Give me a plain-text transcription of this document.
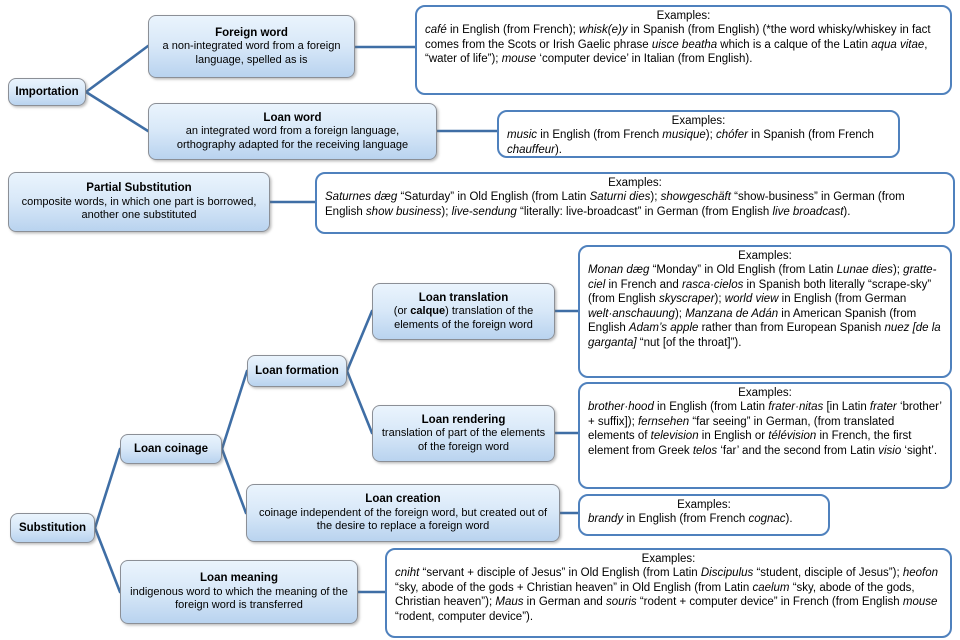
Importation
Foreign word
a non-integrated word from a foreign language, spelled as is
Examples:
café in English (from French); whisk(e)y in Spanish (from English) (*the word whisky/whiskey in fact comes from the Scots or Irish Gaelic phrase uisce beatha which is a calque of the Latin aqua vitae, “water of life”); mouse ‘computer device’ in Italian (from English).
Loan word
an integrated word from a foreign language, orthography adapted for the receiving language
Examples:
music in English (from French musique); chófer in Spanish (from French chauffeur).
Partial Substitution
composite words, in which one part is borrowed, another one substituted
Examples:
Saturnes dæg “Saturday” in Old English (from Latin Saturni dies); showgeschäft “show-business” in German (from English show business); live-sendung “literally: live-broadcast” in German (from English live broadcast).
Loan translation
(or calque) translation of the elements of the foreign word
Examples:
Monan dæg “Monday” in Old English (from Latin Lunae dies); gratte-ciel in French and rasca·cielos in Spanish both literally “scrape-sky” (from English skyscraper); world view in English (from German welt·anschauung); Manzana de Adán in American Spanish (from English Adam’s apple rather than from European Spanish nuez [de la garganta] “nut [of the throat]”).
Loan formation
Loan rendering
translation of part of the elements of the foreign word
Examples:
brother·hood in English (from Latin frater·nitas [in Latin frater ‘brother’ + suffix]); fernsehen “far seeing” in German, (from translated elements of television in English or télévision in French, the first element from Greek telos ‘far’ and the second from Latin visio ‘sight’.
Loan coinage
Loan creation
coinage independent of the foreign word, but created out of the desire to replace a foreign word
Examples:
brandy in English (from French cognac).
Substitution
Loan meaning
indigenous word to which the meaning of the foreign word is transferred
Examples:
cniht “servant + disciple of Jesus” in Old English (from Latin Discipulus “student, disciple of Jesus”); heofon “sky, abode of the gods + Christian heaven” in Old English (from Latin caelum “sky, abode of the gods, Christian heaven”); Maus in German and souris “rodent + computer device” in French (from English mouse “rodent, computer device”).
